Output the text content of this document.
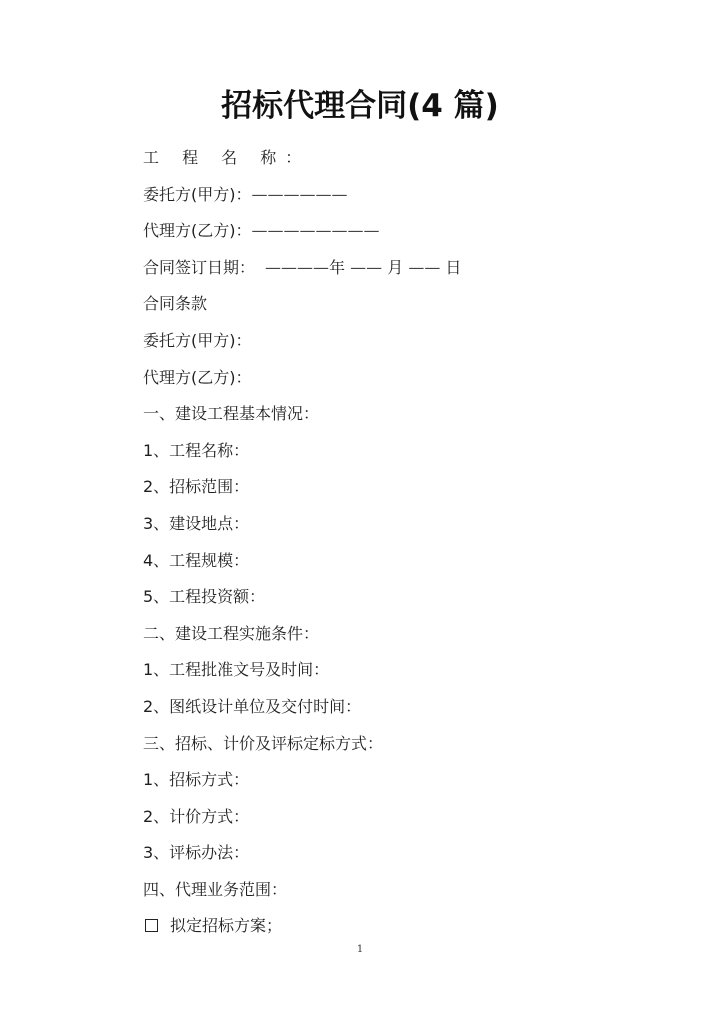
招标代理合同(4 篇)
工 程 名 称：
委托方(甲方)：——————
代理方(乙方)：————————
合同签订日期： ————年 —— 月 —— 日
合同条款
委托方(甲方)：
代理方(乙方)：
一、建设工程基本情况：
1、工程名称：
2、招标范围：
3、建设地点：
4、工程规模：
5、工程投资额：
二、建设工程实施条件：
1、工程批准文号及时间：
2、图纸设计单位及交付时间：
三、招标、计价及评标定标方式：
1、招标方式：
2、计价方式：
3、评标办法：
四、代理业务范围：
拟定招标方案；
1
